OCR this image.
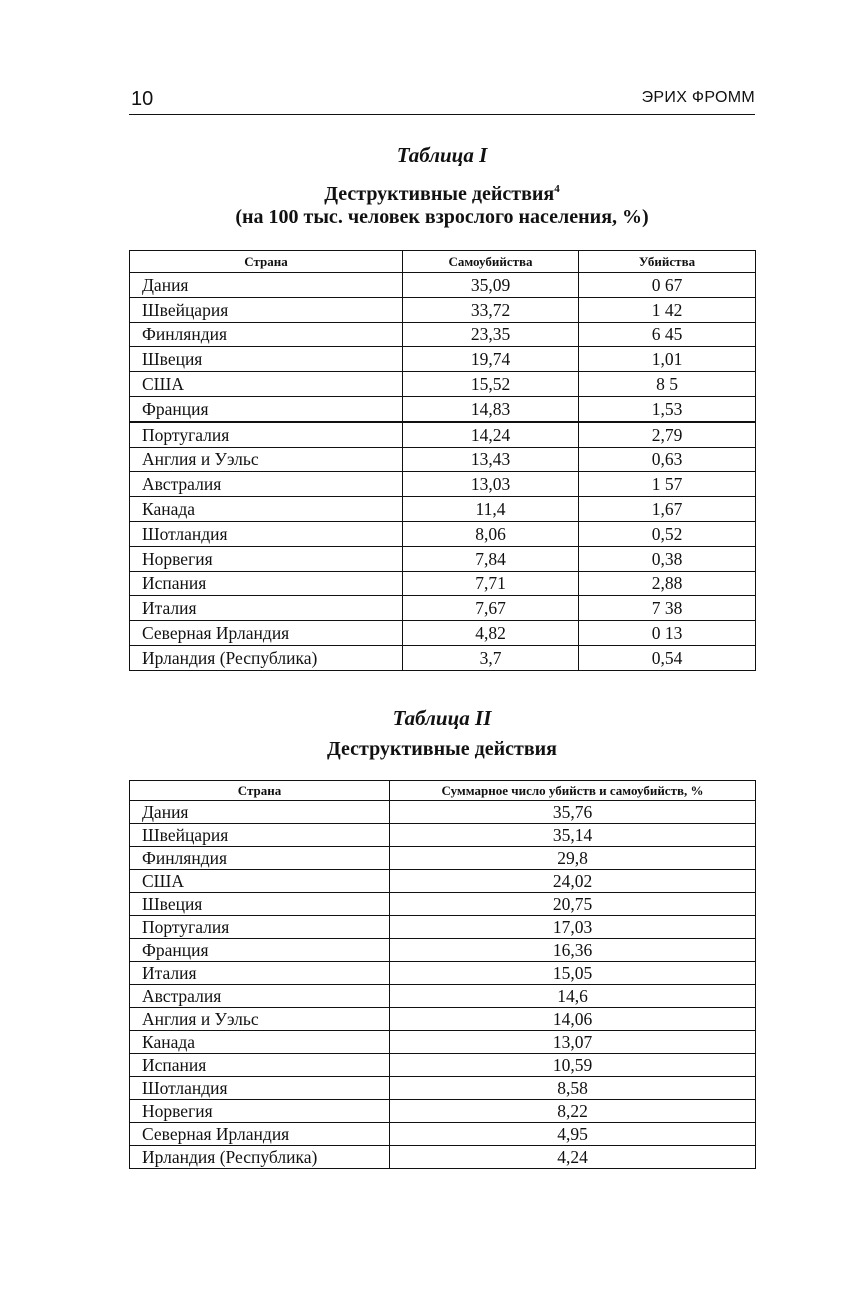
10	ЭРИХ ФРОММ
Таблица I
Деструктивные действия$^4$
(на 100 тыс. человек взрослого населения, %)
Страна	Самоубийства	Убийства
Дания	35,09	0 67
Швейцария	33,72	1 42
Финляндия	23,35	6 45
Швеция	19,74	1,01
США	15,52	8 5
Франция	14,83	1,53
Португалия	14,24	2,79
Англия и Уэльс	13,43	0,63
Австралия	13,03	1 57
Канада	11,4	1,67
Шотландия	8,06	0,52
Норвегия	7,84	0,38
Испания	7,71	2,88
Италия	7,67	7 38
Северная Ирландия	4,82	0 13
Ирландия (Республика)	3,7	0,54
Таблица II
Деструктивные действия
Страна	Суммарное число убийств и самоубийств, %
Дания	35,76
Швейцария	35,14
Финляндия	29,8
США	24,02
Швеция	20,75
Португалия	17,03
Франция	16,36
Италия	15,05
Австралия	14,6
Англия и Уэльс	14,06
Канада	13,07
Испания	10,59
Шотландия	8,58
Норвегия	8,22
Северная Ирландия	4,95
Ирландия (Республика)	4,24
